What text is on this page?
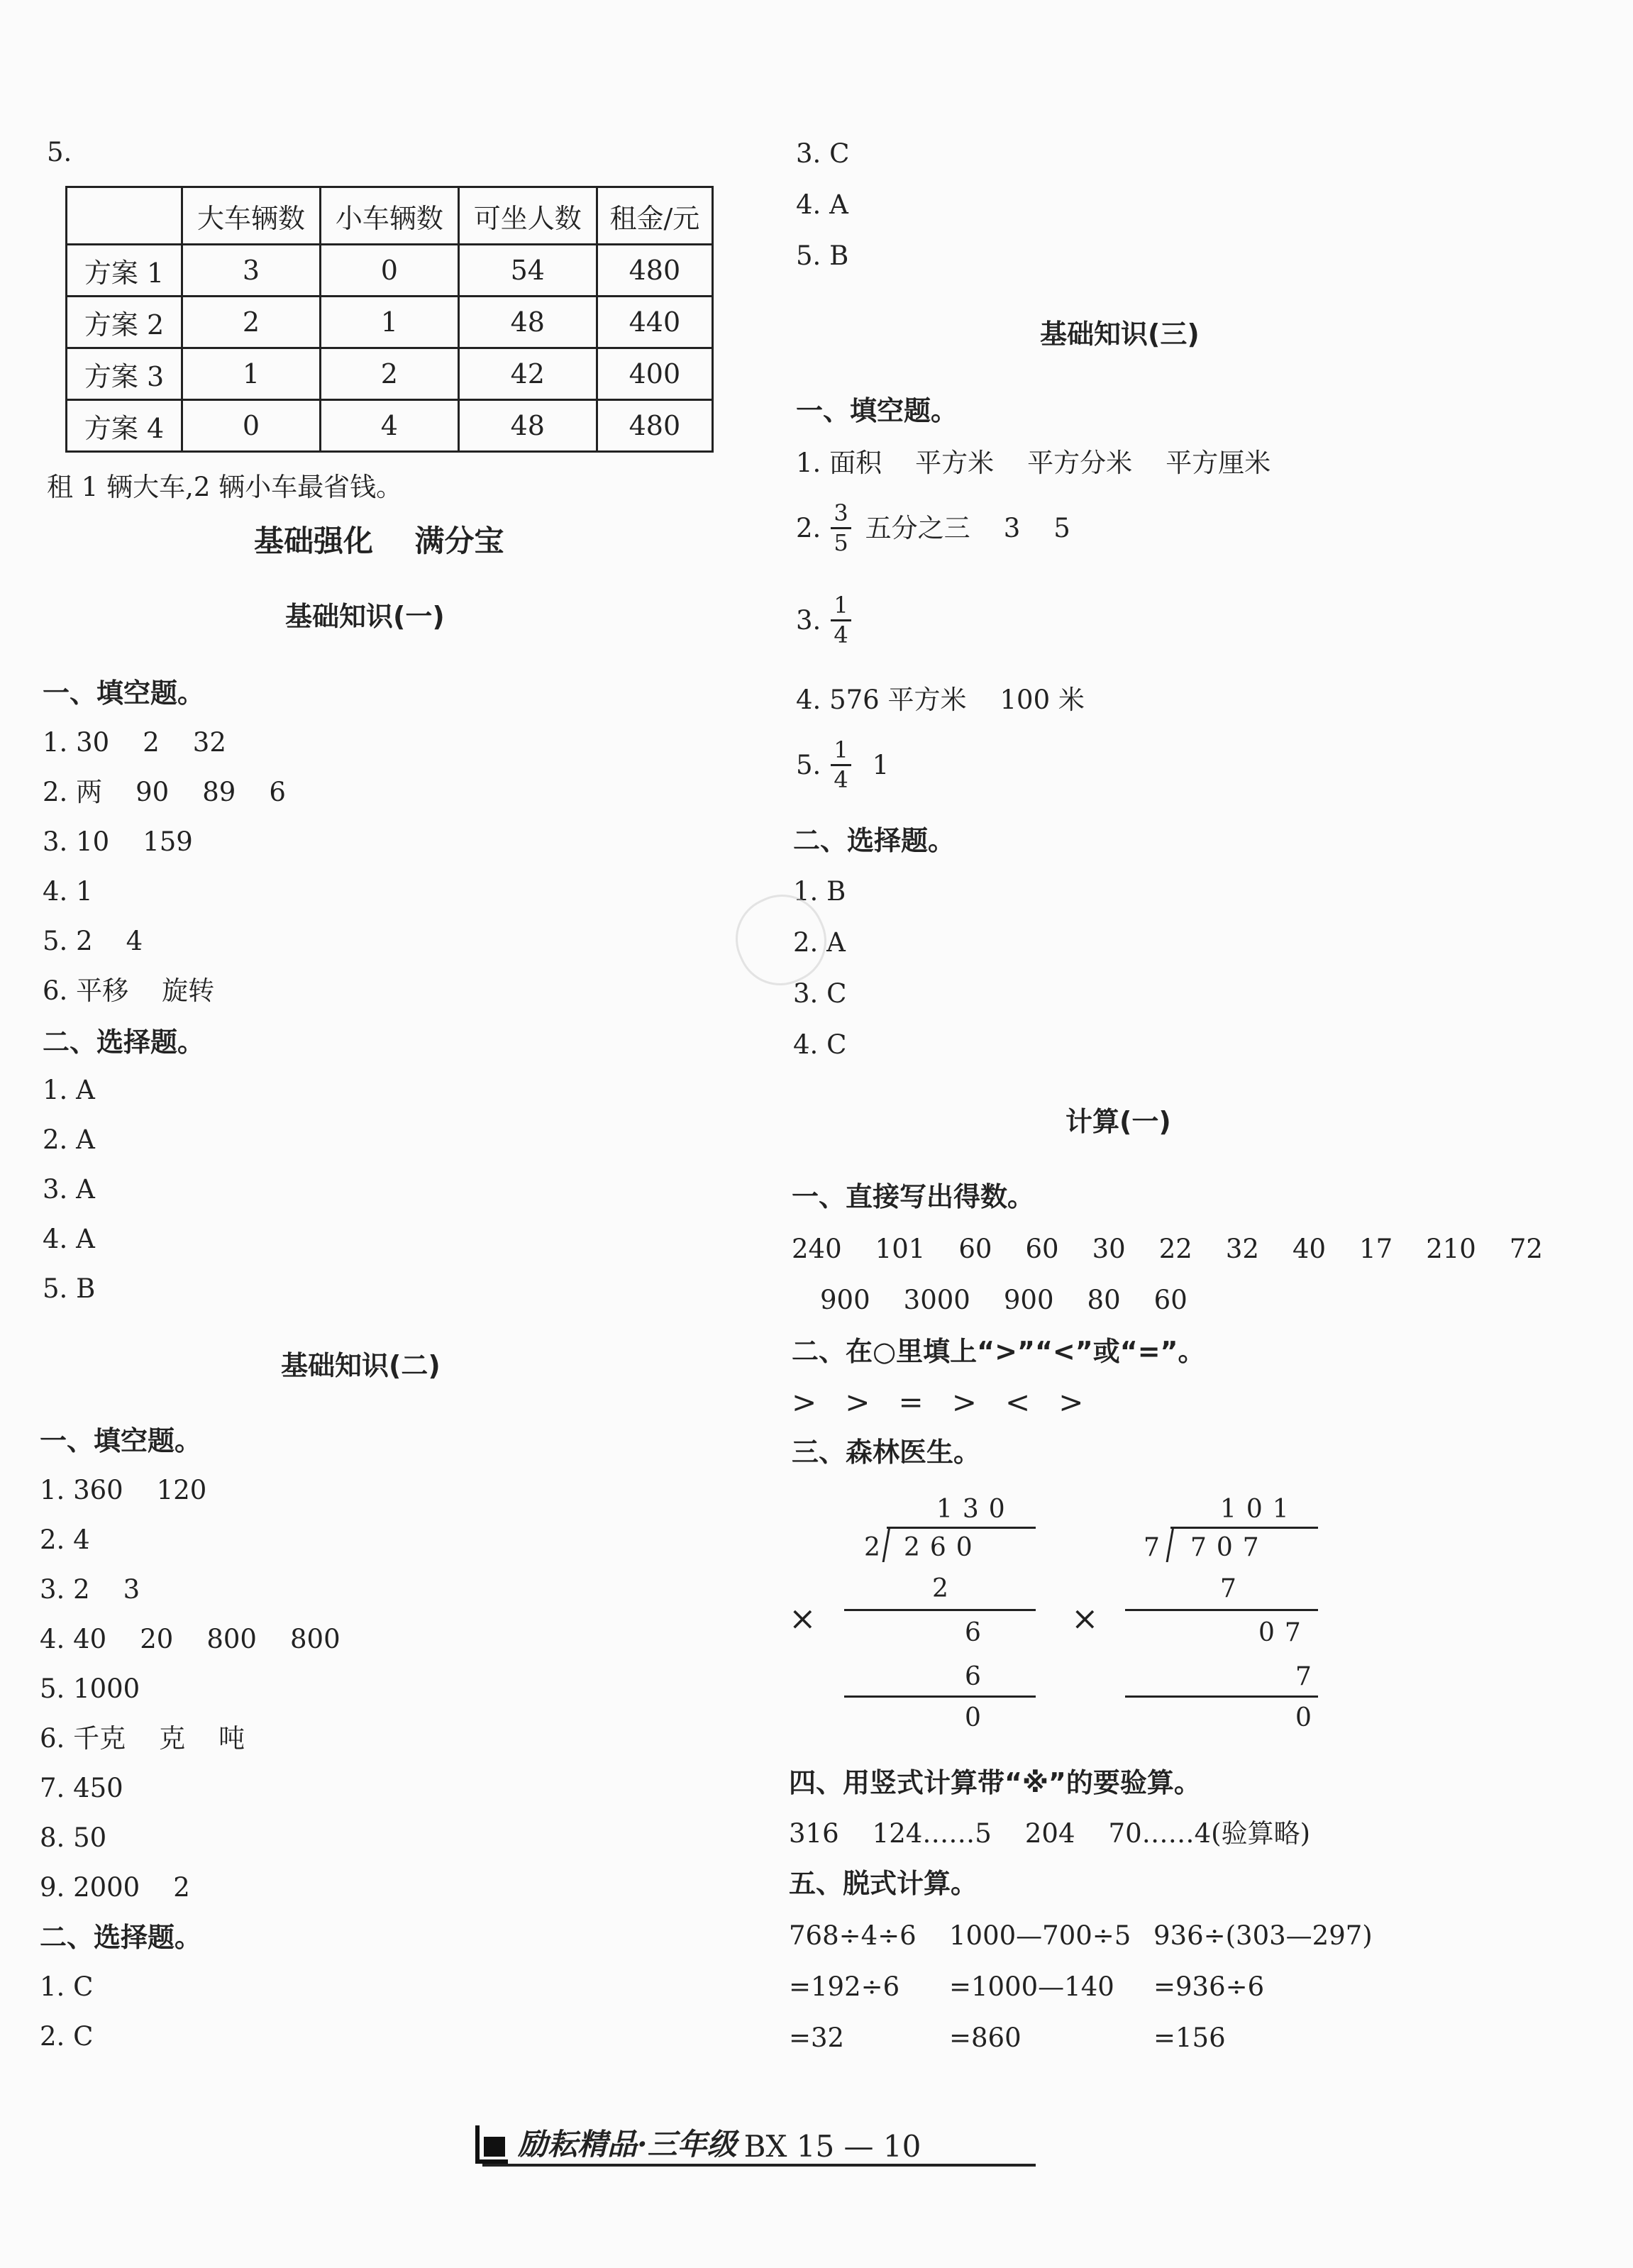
5.
	大车辆数	小车辆数	可坐人数	租金/元
方案 1	3	0	54	480
方案 2	2	1	48	440
方案 3	1	2	42	400
方案 4	0	4	48	480
租 1 辆大车,2 辆小车最省钱。
基础强化    满分宝
基础知识(一)
一、填空题。
1. 30    2    32
2. 两    90    89    6
3. 10    159
4. 1
5. 2    4
6. 平移    旋转
二、选择题。
1. A
2. A
3. A
4. A
5. B
基础知识(二)
一、填空题。
1. 360    120
2. 4
3. 2    3
4. 40    20    800    800
5. 1000
6. 千克    克    吨
7. 450
8. 50
9. 2000    2
二、选择题。
1. C
2. C
3. C
4. A
5. B
基础知识(三)
一、填空题。
1. 面积    平方米    平方分米    平方厘米
2. $\frac{3}{5}$ 五分之三    3    5
3. $\frac{1}{4}$
4. 576 平方米    100 米
5. $\frac{1}{4} 1$
二、选择题。
1. B
2. A
3. C
4. C
计算(一)
一、直接写出得数。
240    101    60    60    30    22    32    40    17    210    72
900    3000    900    80    60
二、在○里填上“>”“<”或“=”。
>   >   =   >   <   >
三、森林医生。
×
130
2 260
2
6
6
0
×
101
7 707
7
07
7
0
四、用竖式计算带“※”的要验算。
316    124……5    204    70……4(验算略)
五、脱式计算。
768÷4÷6 1000—700÷5 936÷(303—297)
=192÷6 =1000—140 =936÷6
=32	=860	=156
励耘精品·三年级 BX 15 — 10
